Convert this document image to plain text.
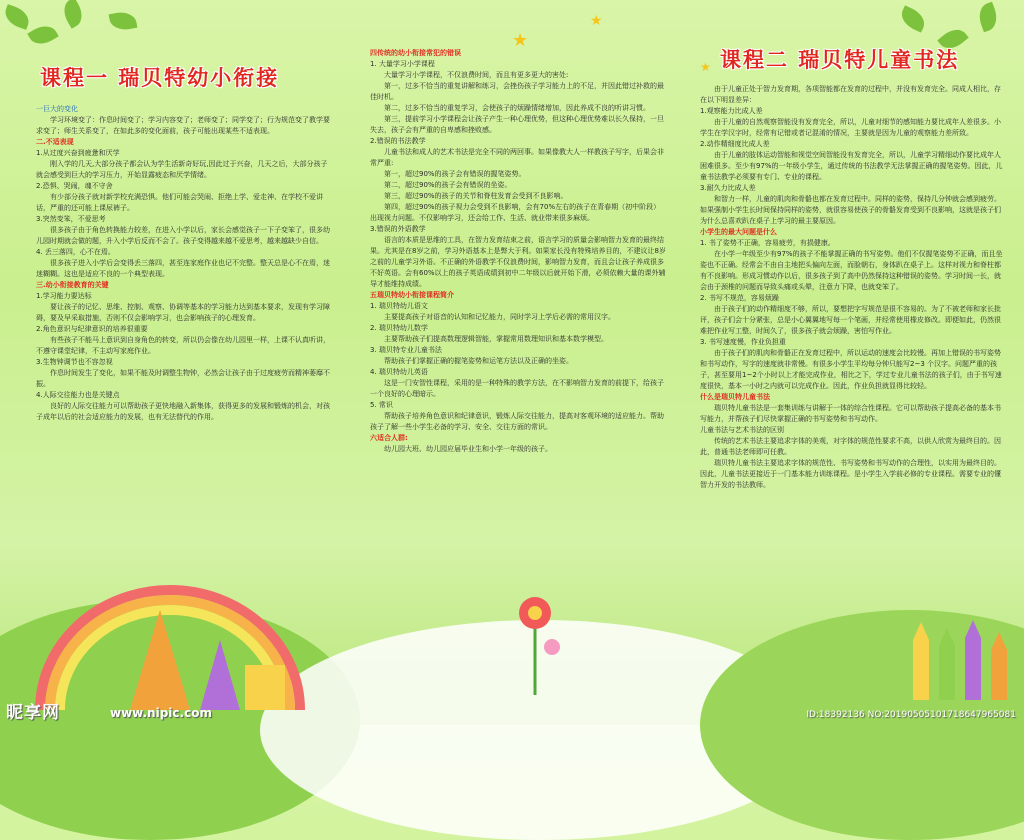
★
★
★
课程一 瑞贝特幼小衔接

一巨大的变化

学习环境变了：作息时间变了；学习内容变了；老师变了；同学变了；行为规范变了教学要求变了；师生关系变了，在如此多的变化面前，孩子可能出现某些不适表现。

二.不适表现

1.从过度兴奋到疲惫和厌学

刚入学的几天,大部分孩子都会认为学生活新奇好玩,因此过于兴奋，几天之后，大部分孩子就会感受到巨大的学习压力，开始显露疲态和厌学情绪。

2.恐惧、哭闹，魂不守舍

有少部分孩子就对新学校充满恐惧。他们可能会哭闹、拒绝上学、爱走神、在学校不爱讲话，严重的还可能上课尿裤子。

3.突然变笨，不爱思考

很多孩子由于角色转换能力较差，在进入小学以后，家长会感觉孩子一下子变笨了，很多幼儿园时期就会做的题，升入小学后反而不会了。孩子变得越来越不爱思考，越来越缺少自信。

4. 丢三落四，心不在焉。

很多孩子进入小学后会变得丢三落四，甚至连家庭作业也记不完整。整天总是心不在焉，迷迷糊糊。这也是适应不良的一个典型表现。

三.幼小衔接教育的关键

1.学习能力要达标

要让孩子的记忆、思维、控制、观察、协调等基本的学习能力达到基本要求，发现有学习障碍，要及早采取措施，否则不仅会影响学习，也会影响孩子的心理发育。

2.角色意识与纪律意识的培养很重要

有些孩子不能马上意识到自身角色的转变，所以仍会像在幼儿园里一样，上课不认真听讲，不遵守课堂纪律，不主动写家庭作业。

3.生物钟调节也不容忽视

作息时间发生了变化，如果不能及时调整生物钟，必然会让孩子由于过度疲劳而精神萎靡不振。

4.人际交往能力也是关键点

良好的人际交往能力可以帮助孩子更快地融入新集体，获得更多的发展和锻炼的机会，对孩子成年以后的社会适应能力的发展，也有无法替代的作用。

四传统的幼小衔接常犯的错误

1. 大量学习小学课程

大量学习小学课程，不仅浪费时间，而且有更多更大的害处:

第一，过多不恰当的重复讲解和练习，会挫伤孩子学习能力上的不足，并因此错过补救的最佳时机。

第二，过多不恰当的重复学习，会使孩子的烦躁情绪增加，因此养成不良的听讲习惯。

第三，提前学习小学课程会让孩子产生一种心理优势，但这种心理优势难以长久保持，一旦失去，孩子会有严重的自卑感和挫败感。

2.错误的书法教学

儿童书法和成人的艺术书法是完全不同的两回事。如果像教大人一样教孩子写字，后果会非常严重:

第一，超过90%的孩子会有错误的握笔姿势。

第二，超过90%的孩子会有错误的坐姿。

第三，超过90%的孩子的关节和脊柱发育会受到不良影响。

第四，超过90%的孩子视力会受到不良影响，会有70%左右的孩子在青春期（初中阶段）出现视力问题。不仅影响学习，还会给工作、生活、就业带来很多麻烦。

3.错误的外语教学

语言的本质是思维的工具，在智力发育结束之前，语言学习的质量会影响智力发育的最终结果。尤其是在8岁之前，学习外语基本上是弊大于利。如果家长没有特殊培养目的，不建议让8岁之前的儿童学习外语。不正确的外语教学不仅浪费时间，影响智力发育，而且会让孩子养成很多不好英语。会有60%以上的孩子英语成绩到初中二年级以后就开始下滑，必须依赖大量的课外辅导才能维持成绩。

五瑞贝特幼小衔接课程简介

1. 瑞贝特幼儿语文

主要提高孩子对语音的认知和记忆能力，同时学习上学后必需的常用汉字。

2. 瑞贝特幼儿数学

主要帮助孩子们提高数理逻辑智能，掌握常用数理知识和基本数学模型。

3. 瑞贝特专业儿童书法

帮助孩子们掌握正确的握笔姿势和运笔方法以及正确的坐姿。

4. 瑞贝特幼儿英语

这是一门安智性课程，采用的是一种特殊的教学方法，在不影响智力发育的前提下，给孩子一个良好的心理暗示。

5. 常识

帮助孩子培养角色意识和纪律意识，锻炼人际交往能力，提高对客观环境的适应能力。帮助孩子了解一些小学生必备的学习、安全、交往方面的常识。

六适合人群:

幼儿园大班、幼儿园应届毕业生和小学一年级的孩子。

课程二 瑞贝特儿童书法

由于儿童正处于智力发育期，各项智能都在发育的过程中，并没有发育完全。同成人相比，存在以下明显差异：

1.观察能力比成人差

由于儿童的自然观察智能没有发育完全，所以，儿童对细节的感知能力要比成年人差很多。小学生在学汉字时，经常有记错或者记混淆的情况，主要就是因为儿童的观察能力差所致。

2.动作精细度比成人差

由于儿童的肢体运动智能和视觉空间智能没有发育完全，所以，儿童学习精细动作要比成年人困难很多。至少有97%的一年级小学生，通过传统的书法教学无法掌握正确的握笔姿势。因此，儿童书法教学必须要有专门、专业的课程。

3.耐久力比成人差

和智力一样，儿童的肌肉和骨骼也都在发育过程中。同样的姿势，保持几分钟就会感到疲劳。如果强制小学生长时间保持同样的姿势，就很容易使孩子的骨骼发育受到不良影响，这就是孩子们为什么总喜欢趴在桌子上学习的最主要原因。

小学生的最大问题是什么

1. 书了姿势不正确，容易疲劳，有损健康。

在小学一年级至少有97%的孩子不能掌握正确的书写姿势。他们不仅握笔姿势不正确，而且坐姿也不正确。经常会不由自主地把头偏向左面，而脸朝右，身体趴在桌子上。这样对视力和脊柱都有不良影响。形成习惯动作以后，很多孩子到了高中仍然保持这种错误的姿势。学习时间一长，就会由于颈椎的问题而导致头痛或头晕，注意力下降，也就变笨了。

2. 书写不规范，容易烦躁

由于孩子们的动作精细度不够，所以，要想把字写规范是很不容易的。为了不被老师和家长批评，孩子们会十分紧张，总是小心翼翼地写每一个笔画，并经常使用橡皮修改。即便如此，仍然很难把作业写工整，时间久了，很多孩子就会烦躁，害怕写作业。

3. 书写速度慢，作业负担重

由于孩子们的肌肉和骨骼正在发育过程中，所以运动的速度会比较慢。再加上错误的书写姿势和书写动作，写字的速度就非常慢。有很多小学生平均每分钟只能写2~3 个汉字。问题严重的孩子，甚至要用1~2个小时以上才能完成作业，相比之下，学过专业儿童书法的孩子们，由于书写速度很快，基本一小时之内就可以完成作业。因此，作业负担就显得比较轻。

什么是瑞贝特儿童书法

瑞贝特儿童书法是一套集训练与讲解于一体的综合性课程。它可以帮助孩子提高必备的基本书写能力，并帮孩子们尽快掌握正确的书写姿势和书写动作。

儿童书法与艺术书法的区别

传统的艺术书法主要追求字体的美观，对字体的规范性要求不高，以供人欣赏为最终目的。因此，普通书法老师即可任教。

瑞贝特儿童书法主要追求字体的规范性、书写姿势和书写动作的合理性，以实用为最终目的。因此，儿童书法更接近于一门基本能力训练课程。是小学生入学前必修的专业课程。需要专业的懂智力开发的书法教师。

昵享网	www.nipic.com	ID:18392136 NO:20190505101718647965081
